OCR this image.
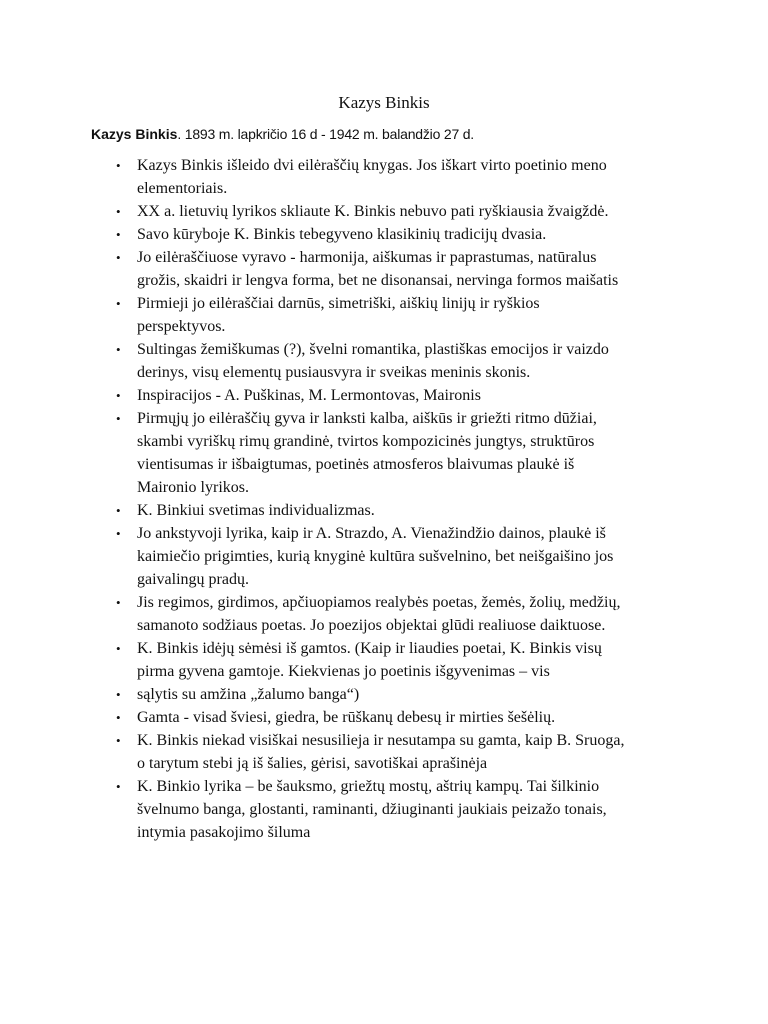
Kazys Binkis
Kazys Binkis. 1893 m. lapkričio 16 d - 1942 m. balandžio 27 d.
• Kazys Binkis išleido dvi eilėraščių knygas. Jos iškart virto poetinio meno
elementoriais.
• XX a. lietuvių lyrikos skliaute K. Binkis nebuvo pati ryškiausia žvaigždė.
• Savo kūryboje K. Binkis tebegyveno klasikinių tradicijų dvasia.
• Jo eilėraščiuose vyravo - harmonija, aiškumas ir paprastumas, natūralus
grožis, skaidri ir lengva forma, bet ne disonansai, nervinga formos maišatis
• Pirmieji jo eilėraščiai darnūs, simetriški, aiškių linijų ir ryškios
perspektyvos.
• Sultingas žemiškumas (?), švelni romantika, plastiškas emocijos ir vaizdo
derinys, visų elementų pusiausvyra ir sveikas meninis skonis.
• Inspiracijos - A. Puškinas, M. Lermontovas, Maironis
• Pirmųjų jo eilėraščių gyva ir lanksti kalba, aiškūs ir griežti ritmo dūžiai,
skambi vyriškų rimų grandinė, tvirtos kompozicinės jungtys, struktūros
vientisumas ir išbaigtumas, poetinės atmosferos blaivumas plaukė iš
Maironio lyrikos.
• K. Binkiui svetimas individualizmas.
• Jo ankstyvoji lyrika, kaip ir A. Strazdo, A. Vienažindžio dainos, plaukė iš
kaimiečio prigimties, kurią knyginė kultūra sušvelnino, bet neišgaišino jos
gaivalingų pradų.
• Jis regimos, girdimos, apčiuopiamos realybės poetas, žemės, žolių, medžių,
samanoto sodžiaus poetas. Jo poezijos objektai glūdi realiuose daiktuose.
• K. Binkis idėjų sėmėsi iš gamtos. (Kaip ir liaudies poetai, K. Binkis visų
pirma gyvena gamtoje. Kiekvienas jo poetinis išgyvenimas – vis
• sąlytis su amžina „žalumo banga“)
• Gamta - visad šviesi, giedra, be rūškanų debesų ir mirties šešėlių.
• K. Binkis niekad visiškai nesusilieja ir nesutampa su gamta, kaip B. Sruoga,
o tarytum stebi ją iš šalies, gėrisi, savotiškai aprašinėja
• K. Binkio lyrika – be šauksmo, griežtų mostų, aštrių kampų. Tai šilkinio
švelnumo banga, glostanti, raminanti, džiuginanti jaukiais peizažo tonais,
intymia pasakojimo šiluma
